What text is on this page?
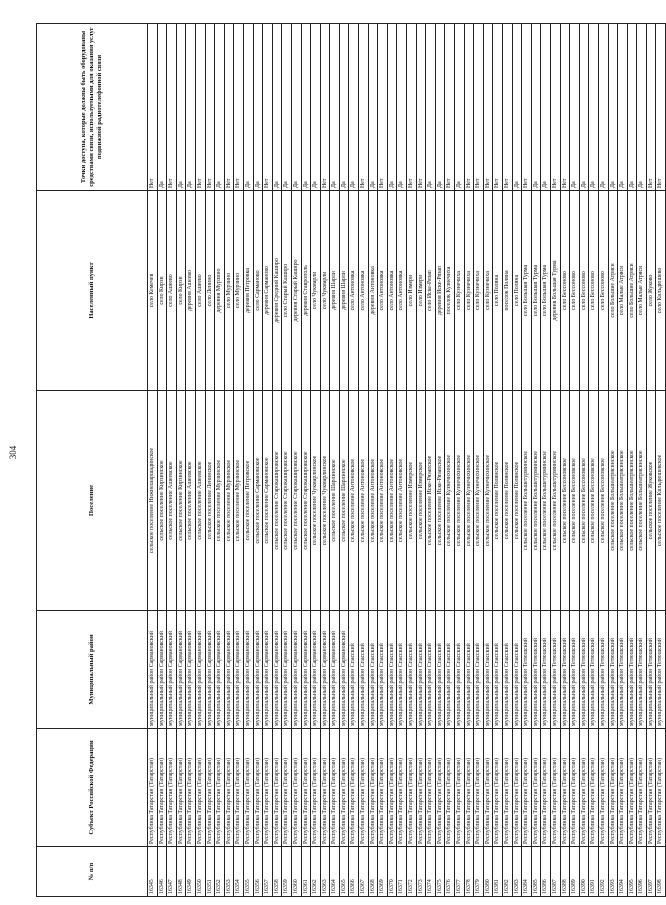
304
№ п/п	Субъект Российской Федерации	Муниципальный район	Поселение	Населенный пункт	Точки доступа, которые должны быть оборудованы средствами связи, используемыми для оказания услуг подвижной радиотелефонной связи
16345	Республика Татарстан (Татарстан)	муниципальный район Сармановский	сельское поселение Нижнешаршадинское	село Кемечев	Нет
16346	Республика Татарстан (Татарстан)	муниципальный район Сармановский	сельское поселение Кирзинское	село Кирзи	Да
16347	Республика Татарстан (Татарстан)	муниципальный район Сармановский	сельское поселение Ашеевское	село Ашеево	Нет
16348	Республика Татарстан (Татарстан)	муниципальный район Сармановский	сельское поселение Кирзинское	село Кирзи	Да
16349	Республика Татарстан (Татарстан)	муниципальный район Сармановский	сельское поселение Ашеевское	деревня Ашеево	Да
16350	Республика Татарстан (Татарстан)	муниципальный район Сармановский	сельское поселение Ашеевское	село Ашеево	Нет
16351	Республика Татарстан (Татарстан)	муниципальный район Сармановский	сельское поселение Ленинское	село Ленино	Нет
16352	Республика Татарстан (Татарстан)	муниципальный район Сармановский	сельское поселение Мурзинское	деревня Мурзино	Да
16353	Республика Татарстан (Татарстан)	муниципальный район Сармановский	сельское поселение Мурзинское	село Мурзино	Нет
16354	Республика Татарстан (Татарстан)	муниципальный район Сармановский	сельское поселение Мурзинское	село Мурзино	Нет
16355	Республика Татарстан (Татарстан)	муниципальный район Сармановский	сельское поселение Петровское	деревня Петровка	Да
16356	Республика Татарстан (Татарстан)	муниципальный район Сармановский	сельское поселение Сармановское	село Сарманово	Да
16357	Республика Татарстан (Татарстан)	муниципальный район Сармановский	сельское поселение Сармановское	деревня Сарманово	Нет
16358	Республика Татарстан (Татарстан)	муниципальный район Сармановский	сельское поселение Старокашировское	деревня Средний Каширо	Да
16359	Республика Татарстан (Татарстан)	муниципальный район Сармановский	сельское поселение Старокашировское	село Старый Каширо	Да
16360	Республика Татарстан (Татарстан)	муниципальный район Сармановский	сельское поселение Старокашировское	деревня Старый Каширо	Да
16361	Республика Татарстан (Татарстан)	муниципальный район Сармановский	сельское поселение Старокашировское	деревня Ставрополь	Да
16362	Республика Татарстан (Татарстан)	муниципальный район Сармановский	сельское поселение Чукмарлинское	село Чукмарли	Да
16363	Республика Татарстан (Татарстан)	муниципальный район Сармановский	сельское поселение Чукмарлинское	село Чукмарли	Нет
16364	Республика Татарстан (Татарстан)	муниципальный район Сармановский	сельское поселение Шарлинское	деревня Шарли	Да
16365	Республика Татарстан (Татарстан)	муниципальный район Сармановский	сельское поселение Шарлинское	деревня Шарли	Да
16366	Республика Татарстан (Татарстан)	муниципальный район Спасский	сельское поселение Антоновское	село Антоновка	Да
16367	Республика Татарстан (Татарстан)	муниципальный район Спасский	сельское поселение Антоновское	село Антоновка	Нет
16368	Республика Татарстан (Татарстан)	муниципальный район Спасский	сельское поселение Антоновское	деревня Антоновка	Да
16369	Республика Татарстан (Татарстан)	муниципальный район Спасский	сельское поселение Антоновское	село Антоновка	Нет
16370	Республика Татарстан (Татарстан)	муниципальный район Спасский	сельское поселение Антоновское	село Антоновка	Да
16371	Республика Татарстан (Татарстан)	муниципальный район Спасский	сельское поселение Антоновское	село Антоновка	Да
16372	Республика Татарстан (Татарстан)	муниципальный район Спасский	сельское поселение Измерское	село Измери	Нет
16373	Республика Татарстан (Татарстан)	муниципальный район Спасский	сельское поселение Измерское	село Измери	Нет
16374	Республика Татарстан (Татарстан)	муниципальный район Спасский	сельское поселение Иске-Рязапское	село Иске-Рязап	Да
16375	Республика Татарстан (Татарстан)	муниципальный район Спасский	сельское поселение Иске-Рязапское	деревня Иске-Рязап	Да
16376	Республика Татарстан (Татарстан)	муниципальный район Спасский	сельское поселение Кузнечихинское	поселок Кузнечиха	Нет
16377	Республика Татарстан (Татарстан)	муниципальный район Спасский	сельское поселение Кузнечихинское	село Кузнечиха	Да
16378	Республика Татарстан (Татарстан)	муниципальный район Спасский	сельское поселение Кузнечихинское	село Кузнечиха	Нет
16379	Республика Татарстан (Татарстан)	муниципальный район Спасский	сельское поселение Кузнечихинское	село Кузнечиха	Нет
16380	Республика Татарстан (Татарстан)	муниципальный район Спасский	сельское поселение Кузнечихинское	село Кузнечиха	Нет
16381	Республика Татарстан (Татарстан)	муниципальный район Спасский	сельское поселение Полянское	село Поляна	Нет
16382	Республика Татарстан (Татарстан)	муниципальный район Спасский	сельское поселение Полянское	поселок Поляна	Нет
16383	Республика Татарстан (Татарстан)	муниципальный район Спасский	сельское поселение Полянское	село Поляна	Да
16384	Республика Татарстан (Татарстан)	муниципальный район Тетюшский	сельское поселение Большетурминское	село Большая Турма	Нет
16385	Республика Татарстан (Татарстан)	муниципальный район Тетюшский	сельское поселение Большетурминское	село Большая Турма	Да
16386	Республика Татарстан (Татарстан)	муниципальный район Тетюшский	сельское поселение Большетурминское	село Большая Турма	Да
16387	Республика Татарстан (Татарстан)	муниципальный район Тетюшский	сельское поселение Большетурминское	деревня Большая Турма	Нет
16388	Республика Татарстан (Татарстан)	муниципальный район Тетюшский	сельское поселение Бессоновское	село Бессоново	Нет
16389	Республика Татарстан (Татарстан)	муниципальный район Тетюшский	сельское поселение Бессоновское	село Бессоново	Да
16390	Республика Татарстан (Татарстан)	муниципальный район Тетюшский	сельское поселение Бессоновское	село Бессоново	Да
16391	Республика Татарстан (Татарстан)	муниципальный район Тетюшский	сельское поселение Бессоновское	село Бессоново	Да
16392	Республика Татарстан (Татарстан)	муниципальный район Тетюшский	сельское поселение Бессоновское	село Бессоново	Да
16393	Республика Татарстан (Татарстан)	муниципальный район Тетюшский	сельское поселение Большеатрясинское	село Большие Атряси	Да
16394	Республика Татарстан (Татарстан)	муниципальный район Тетюшский	сельское поселение Большеатрясинское	село Малые Атряси	Да
16395	Республика Татарстан (Татарстан)	муниципальный район Тетюшский	сельское поселение Большеатрясинское	село Большие Атряси	Да
16396	Республика Татарстан (Татарстан)	муниципальный район Тетюшский	сельское поселение Большеатрясинское	село Малые Атряси	Да
16397	Республика Татарстан (Татарстан)	муниципальный район Тетюшский	сельское поселение Жуковское	село Жуково	Нет
16398	Республика Татарстан (Татарстан)	муниципальный район Тетюшский	сельское поселение Кильдюшевское	село Кильдюшево	Нет
